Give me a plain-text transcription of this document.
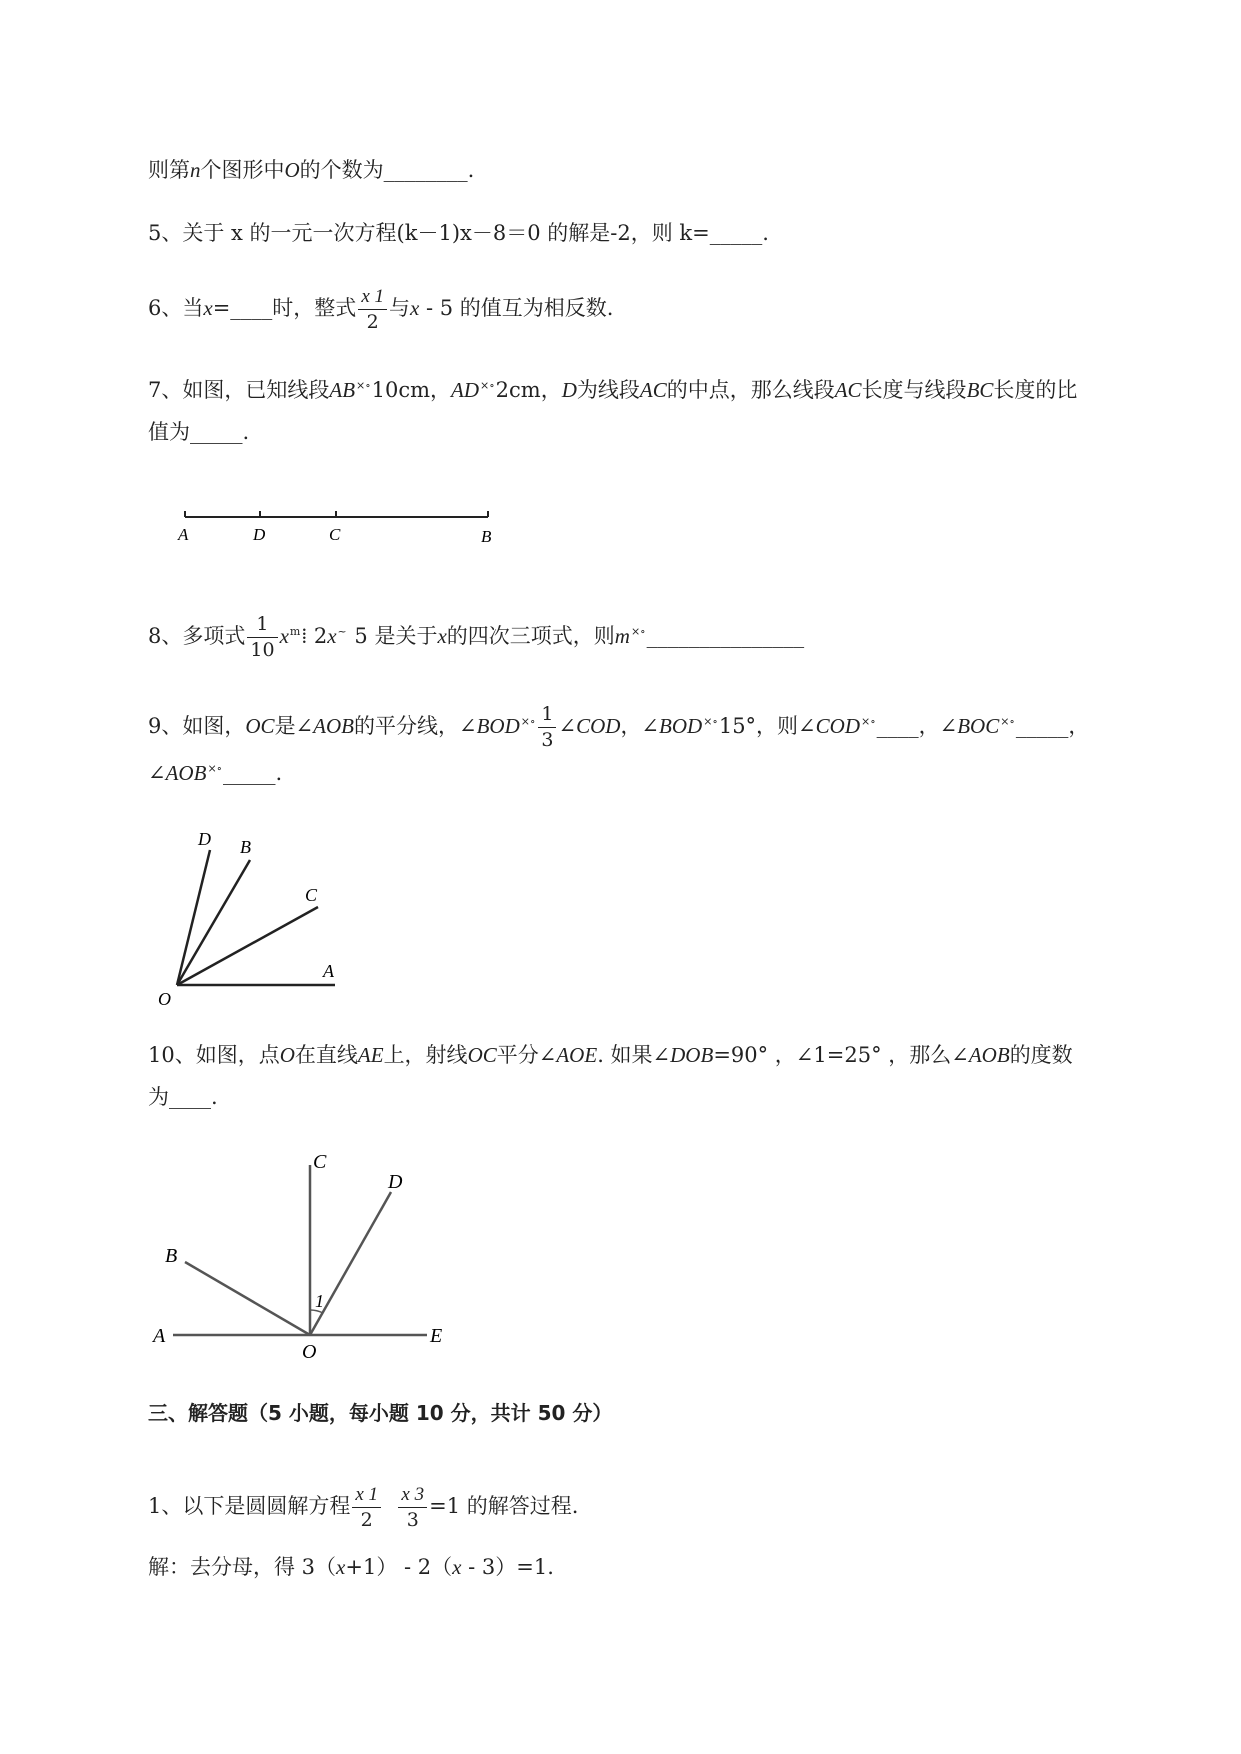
则第n个图形中O的个数为________.
5、关于 x 的一元一次方程(k－1)x－8＝0 的解是-2，则 k=_____.
6、当x=____时，整式 $\frac{x 1}{2}$ 与x - 5 的值互为相反数.
7、如图，已知线段AB×∘10cm，AD×∘2cm，D为线段AC的中点，那么线段AC长度与线段BC长度的比
值为_____.
A	D	C	B
8、多项式 $\frac{1}{10}$ $x^m⁞$ 2x~ 5 是关于x的四次三项式，则m×∘_______________
9、如图，OC是∠AOB的平分线，∠BOD×∘ $\frac{1}{3}$ ∠COD，∠BOD×∘15°，则∠COD×∘____，∠BOC×∘_____，
∠AOB×∘_____.
D B
C
A
O
10、如图，点O在直线AE上，射线OC平分∠AOE. 如果∠DOB=90° ，∠1=25° ，那么∠AOB的度数
为____.
C
D
B
1
A
O
E
三、解答题（5 小题，每小题 10 分，共计 50 分）
1、以下是圆圆解方程 $\frac{x 1}{2}$
$\frac{x 3}{3} =1$ 的解答过程.
解：去分母，得 3（x+1） - 2（x - 3）=1.
